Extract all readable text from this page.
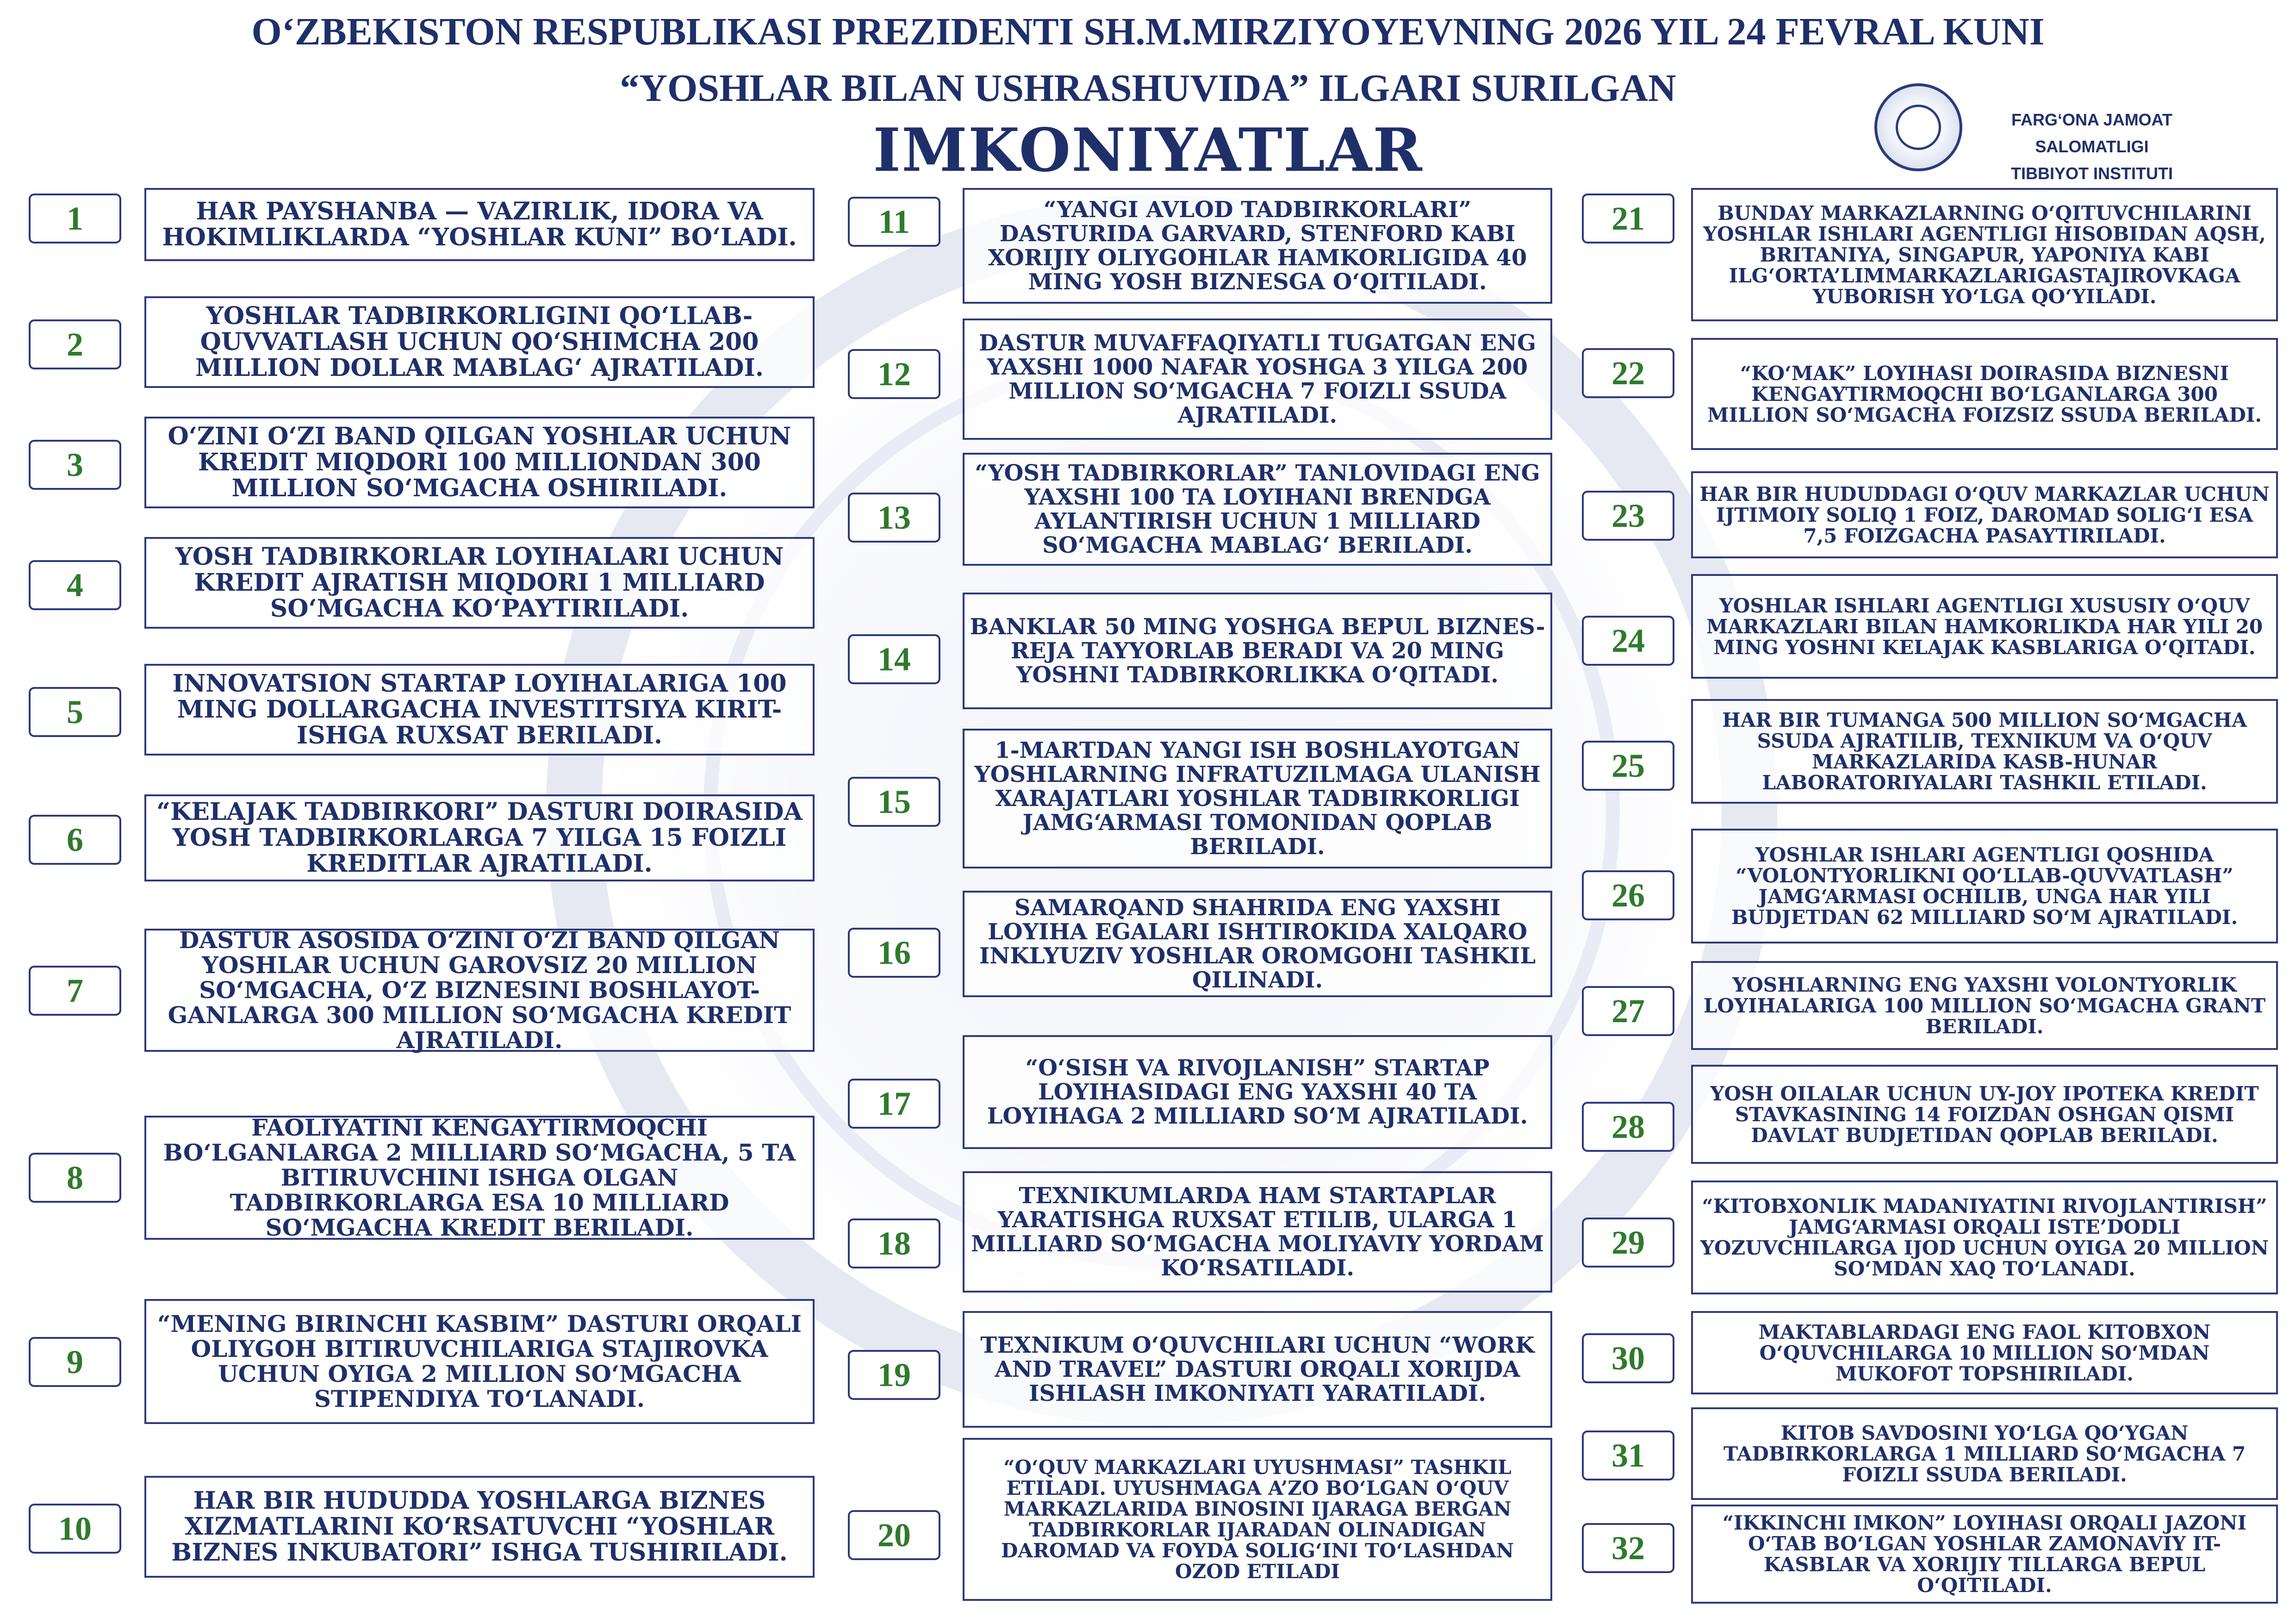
O‘ZBEKISTON RESPUBLIKASI PREZIDENTI SH.M.MIRZIYOYEVNING 2026 YIL 24 FEVRAL KUNI
“YOSHLAR BILAN USHRASHUVIDA” ILGARI SURILGAN
IMKONIYATLAR	FARG‘ONA JAMOAT SALOMATLIGI
TIBBIYOT INSTITUTI
1	HAR PAYSHANBA — VAZIRLIK, IDORA VA HOKIMLIKLARDA “YOSHLAR KUNI” BO‘LADI.
2
YOSHLAR TADBIRKORLIGINI QO‘LLAB-QUVVATLASH UCHUN QO‘SHIMCHA 200 MILLION DOLLAR MABLAG‘ AJRATILADI.
3
O‘ZINI O‘ZI BAND QILGAN YOSHLAR UCHUN KREDIT MIQDORI 100 MILLIONDAN 300 MILLION SO‘MGACHA OSHIRILADI.
4
YOSH TADBIRKORLAR LOYIHALARI UCHUN KREDIT AJRATISH MIQDORI 1 MILLIARD SO‘MGACHA KO‘PAYTIRILADI.
5
INNOVATSION STARTAP LOYIHALARIGA 100 MING DOLLARGACHA INVESTITSIYA KIRIT-ISHGA RUXSAT BERILADI.
6
“KELAJAK TADBIRKORI” DASTURI DOIRASIDA YOSH TADBIRKORLARGA 7 YILGA 15 FOIZLI KREDITLAR AJRATILADI.
7
DASTUR ASOSIDA O‘ZINI O‘ZI BAND QILGAN YOSHLAR UCHUN GAROVSIZ 20 MILLION SO‘MGACHA, O‘Z BIZNESINI BOSHLAYOT-GANLARGA 300 MILLION SO‘MGACHA KREDIT AJRATILADI.
8
FAOLIYATINI KENGAYTIRMOQCHI BO‘LGANLARGA 2 MILLIARD SO‘MGACHA, 5 TA BITIRUVCHINI ISHGA OLGAN TADBIRKORLARGA ESA 10 MILLIARD SO‘MGACHA KREDIT BERILADI.
9
“MENING BIRINCHI KASBIM” DASTURI ORQALI OLIYGOH BITIRUVCHILARIGA STAJIROVKA UCHUN OYIGA 2 MILLION SO‘MGACHA STIPENDIYA TO‘LANADI.
10
HAR BIR HUDUDDA YOSHLARGA BIZNES XIZMATLARINI KO‘RSATUVCHI “YOSHLAR BIZNES INKUBATORI” ISHGA TUSHIRILADI.
11	“YANGI AVLOD TADBIRKORLARI” DASTURIDA GARVARD, STENFORD KABI XORIJIY OLIYGOHLAR HAMKORLIGIDA 40 MING YOSH BIZNESGA O‘QITILADI.
12
DASTUR MUVAFFAQIYATLI TUGATGAN ENG YAXSHI 1000 NAFAR YOSHGA 3 YILGA 200 MILLION SO‘MGACHA 7 FOIZLI SSUDA AJRATILADI.
13
“YOSH TADBIRKORLAR” TANLOVIDAGI ENG YAXSHI 100 TA LOYIHANI BRENDGA AYLANTIRISH UCHUN 1 MILLIARD SO‘MGACHA MABLAG‘ BERILADI.
14
BANKLAR 50 MING YOSHGA BEPUL BIZNES-REJA TAYYORLAB BERADI VA 20 MING YOSHNI TADBIRKORLIKKA O‘QITADI.
15
1-MARTDAN YANGI ISH BOSHLAYOTGAN YOSHLARNING INFRATUZILMAGA ULANISH XARAJATLARI YOSHLAR TADBIRKORLIGI JAMG‘ARMASI TOMONIDAN QOPLAB BERILADI.
16
SAMARQAND SHAHRIDA ENG YAXSHI LOYIHA EGALARI ISHTIROKIDA XALQARO INKLYUZIV YOSHLAR OROMGOHI TASHKIL QILINADI.
17
“O‘SISH VA RIVOJLANISH” STARTAP LOYIHASIDAGI ENG YAXSHI 40 TA LOYIHAGA 2 MILLIARD SO‘M AJRATILADI.
18
TEXNIKUMLARDA HAM STARTAPLAR YARATISHGA RUXSAT ETILIB, ULARGA 1 MILLIARD SO‘MGACHA MOLIYAVIY YORDAM KO‘RSATILADI.
19
TEXNIKUM O‘QUVCHILARI UCHUN “WORK AND TRAVEL” DASTURI ORQALI XORIJDA ISHLASH IMKONIYATI YARATILADI.
20
“O‘QUV MARKAZLARI UYUSHMASI” TASHKIL ETILADI. UYUSHMAGA A’ZO BO‘LGAN O‘QUV MARKAZLARIDA BINOSINI IJARAGA BERGAN TADBIRKORLAR IJARADAN OLINADIGAN DAROMAD VA FOYDA SOLIG‘INI TO‘LASHDAN OZOD ETILADI
21	BUNDAY MARKAZLARNING O‘QITUVCHILARINI YOSHLAR ISHLARI AGENTLIGI HISOBIDAN AQSH, BRITANIYA, SINGAPUR, YAPONIYA KABI ILG‘ORTA’LIMMARKAZLARIGASTAJIROVKAGA YUBORISH YO‘LGA QO‘YILADI.
22	“KO‘MAK” LOYIHASI DOIRASIDA BIZNESNI KENGAYTIRMOQCHI BO‘LGANLARGA 300 MILLION SO‘MGACHA FOIZSIZ SSUDA BERILADI.
23
HAR BIR HUDUDDAGI O‘QUV MARKAZLAR UCHUN IJTIMOIY SOLIQ 1 FOIZ, DAROMAD SOLIG‘I ESA 7,5 FOIZGACHA PASAYTIRILADI.
24
YOSHLAR ISHLARI AGENTLIGI XUSUSIY O‘QUV MARKAZLARI BILAN HAMKORLIKDA HAR YILI 20 MING YOSHNI KELAJAK KASBLARIGA O‘QITADI.
25
HAR BIR TUMANGA 500 MILLION SO‘MGACHA SSUDA AJRATILIB, TEXNIKUM VA O‘QUV MARKAZLARIDA KASB-HUNAR LABORATORIYALARI TASHKIL ETILADI.
26
YOSHLAR ISHLARI AGENTLIGI QOSHIDA “VOLONTYORLIKNI QO‘LLAB-QUVVATLASH” JAMG‘ARMASI OCHILIB, UNGA HAR YILI BUDJETDAN 62 MILLIARD SO‘M AJRATILADI.
27
YOSHLARNING ENG YAXSHI VOLONTYORLIK LOYIHALARIGA 100 MILLION SO‘MGACHA GRANT BERILADI.
28
YOSH OILALAR UCHUN UY-JOY IPOTEKA KREDIT STAVKASINING 14 FOIZDAN OSHGAN QISMI DAVLAT BUDJETIDAN QOPLAB BERILADI.
29
“KITOBXONLIK MADANIYATINI RIVOJLANTIRISH” JAMG‘ARMASI ORQALI ISTE’DODLI YOZUVCHILARGA IJOD UCHUN OYIGA 20 MILLION SO‘MDAN XAQ TO‘LANADI.
30
MAKTABLARDAGI ENG FAOL KITOBXON O‘QUVCHILARGA 10 MILLION SO‘MDAN MUKOFOT TOPSHIRILADI.
31
KITOB SAVDOSINI YO‘LGA QO‘YGAN TADBIRKORLARGA 1 MILLIARD SO‘MGACHA 7 FOIZLI SSUDA BERILADI.
32
“IKKINCHI IMKON” LOYIHASI ORQALI JAZONI O‘TAB BO‘LGAN YOSHLAR ZAMONAVIY IT-KASBLAR VA XORIJIY TILLARGA BEPUL O‘QITILADI.
